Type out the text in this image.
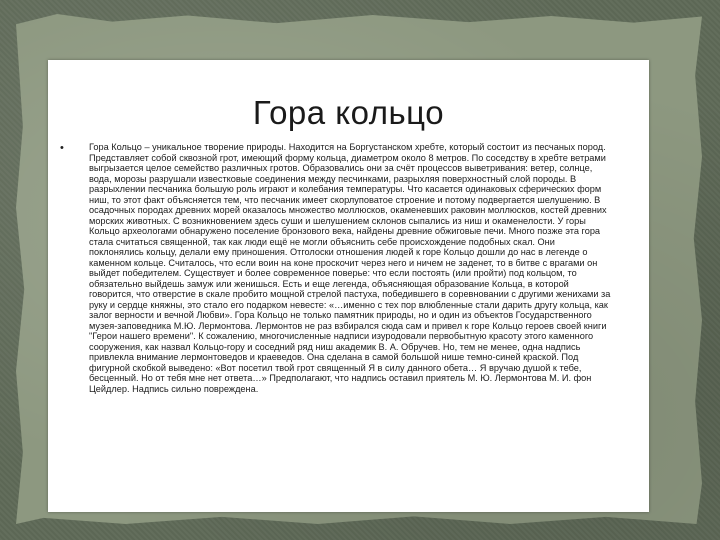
Гора кольцо
•	Гора Кольцо – уникальное творение природы. Находится на Боргустанском хребте, который состоит из песчаных пород. Представляет собой сквозной грот, имеющий форму кольца, диаметром около 8 метров. По соседству в хребте ветрами выгрызается целое семейство различных гротов. Образовались они за счёт процессов выветривания: ветер, солнце, вода, морозы разрушали известковые соединения между песчинками, разрыхляя поверхностный слой породы. В разрыхлении песчаника большую роль играют и колебания температуры. Что касается одинаковых сферических форм ниш, то этот факт объясняется тем, что песчаник имеет скорлуповатое строение и потому подвергается шелушению. В осадочных породах древних морей оказалось множество моллюсков, окаменевших раковин моллюсков, костей древних морских животных. С возникновением здесь суши и шелушением склонов сыпались из ниш и окаменелости. У горы Кольцо археологами обнаружено поселение бронзового века, найдены древние обжиговые печи. Много позже эта гора стала считаться священной, так как люди ещё не могли объяснить себе происхождение подобных скал. Они поклонялись кольцу, делали ему приношения. Отголоски отношения людей к горе Кольцо дошли до нас в легенде о каменном кольце. Считалось, что если воин на коне проскочит через него и ничем не заденет, то в битве с врагами он выйдет победителем. Существует и более современное поверье: что если постоять (или пройти) под кольцом, то обязательно выйдешь замуж или женишься. Есть и еще легенда, объясняющая образование Кольца, в которой говорится, что отверстие в скале пробито мощной стрелой пастуха, победившего в соревновании с другими женихами за руку и сердце княжны, это стало его подарком невесте: «…именно с тех пор влюбленные стали дарить другу кольца, как залог верности и вечной Любви». Гора Кольцо не только памятник природы, но и один из объектов Государственного музея-заповедника М.Ю. Лермонтова. Лермонтов не раз взбирался сюда сам и привел к горе Кольцо героев своей книги "Герои нашего времени". К сожалению, многочисленные надписи изуродовали первобытную красоту этого каменного сооружения, как назвал Кольцо-гору и соседний ряд ниш академик В. А. Обручев. Но, тем не менее, одна надпись привлекла внимание лермонтоведов и краеведов. Она сделана в самой большой нише темно-синей краской. Под фигурной скобкой выведено: «Вот посетил твой грот священный Я в силу данного обета… Я вручаю душой к тебе, бесценный. Но от тебя мне нет ответа…» Предполагают, что надпись оставил приятель М. Ю. Лермонтова М. И. фон Цейдлер. Надпись сильно повреждена.
